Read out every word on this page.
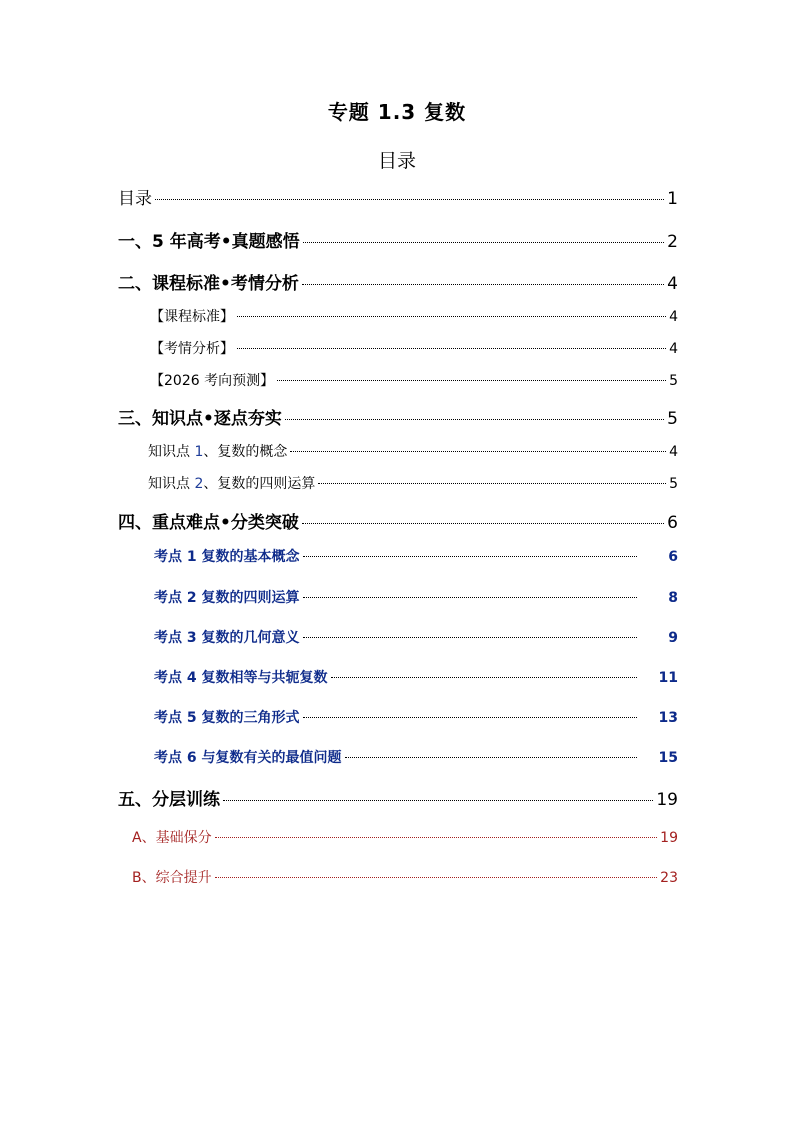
专题 1.3 复数
目录
目录	1
一、5 年高考•真题感悟	2
二、课程标准•考情分析	4
【课程标准】	4
【考情分析】	4
【2026 考向预测】	5
三、知识点•逐点夯实	5
知识点 1、复数的概念	4
知识点 2、复数的四则运算	5
四、重点难点•分类突破	6
考点 1 复数的基本概念	6
考点 2 复数的四则运算	8
考点 3 复数的几何意义	9
考点 4 复数相等与共轭复数	11
考点 5 复数的三角形式	13
考点 6 与复数有关的最值问题	15
五、分层训练	19
A、基础保分	19
B、综合提升	23
